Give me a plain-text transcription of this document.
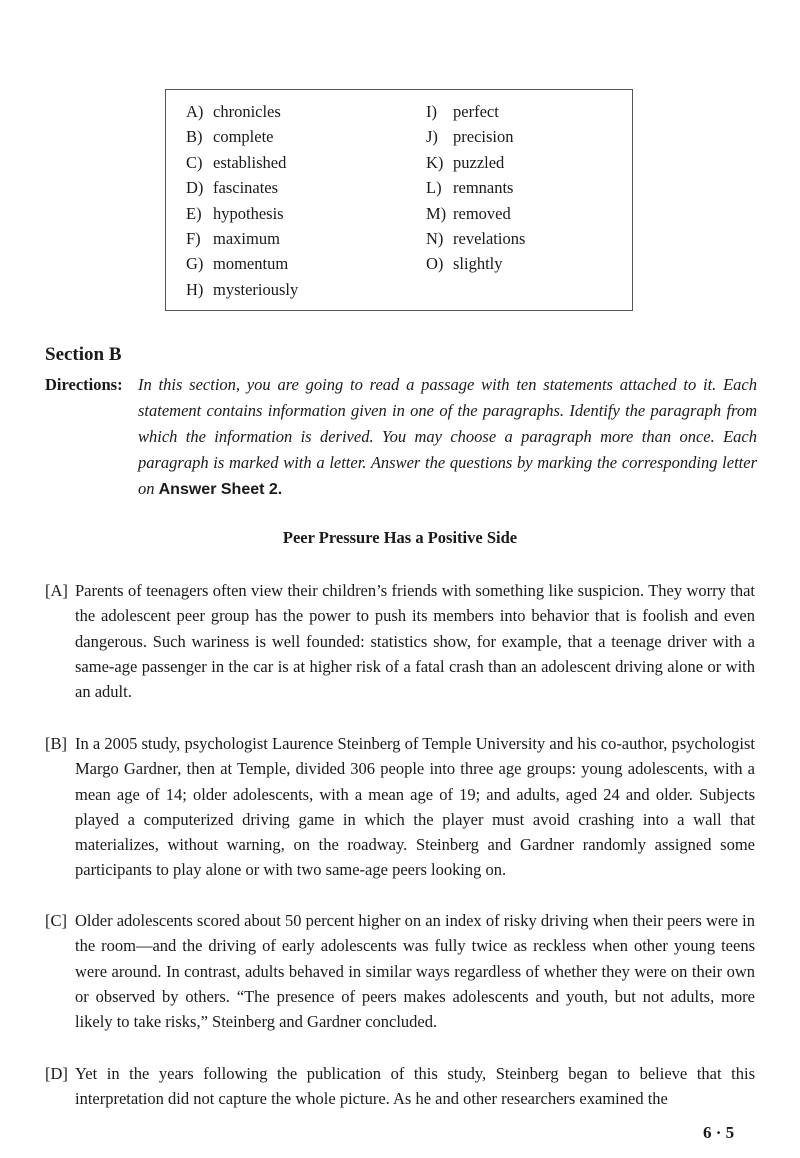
A) chronicles
B) complete
C) established
D) fascinates
E) hypothesis
F) maximum
G) momentum
H) mysteriously
I) perfect
J) precision
K) puzzled
L) remnants
M) removed
N) revelations
O) slightly
Section B
Directions: In this section, you are going to read a passage with ten statements attached to it. Each statement contains information given in one of the paragraphs. Identify the paragraph from which the information is derived. You may choose a paragraph more than once. Each paragraph is marked with a letter. Answer the questions by marking the corresponding letter on Answer Sheet 2.
Peer Pressure Has a Positive Side
[A] Parents of teenagers often view their children’s friends with something like suspicion. They worry that the adolescent peer group has the power to push its members into behavior that is foolish and even dangerous. Such wariness is well founded: statistics show, for example, that a teenage driver with a same-age passenger in the car is at higher risk of a fatal crash than an adolescent driving alone or with an adult.
[B] In a 2005 study, psychologist Laurence Steinberg of Temple University and his co-author, psychologist Margo Gardner, then at Temple, divided 306 people into three age groups: young adolescents, with a mean age of 14; older adolescents, with a mean age of 19; and adults, aged 24 and older. Subjects played a computerized driving game in which the player must avoid crashing into a wall that materializes, without warning, on the roadway. Steinberg and Gardner randomly assigned some participants to play alone or with two same-age peers looking on.
[C] Older adolescents scored about 50 percent higher on an index of risky driving when their peers were in the room—and the driving of early adolescents was fully twice as reckless when other young teens were around. In contrast, adults behaved in similar ways regardless of whether they were on their own or observed by others. “The presence of peers makes adolescents and youth, but not adults, more likely to take risks,” Steinberg and Gardner concluded.
[D] Yet in the years following the publication of this study, Steinberg began to believe that this interpretation did not capture the whole picture. As he and other researchers examined the
6 · 5
